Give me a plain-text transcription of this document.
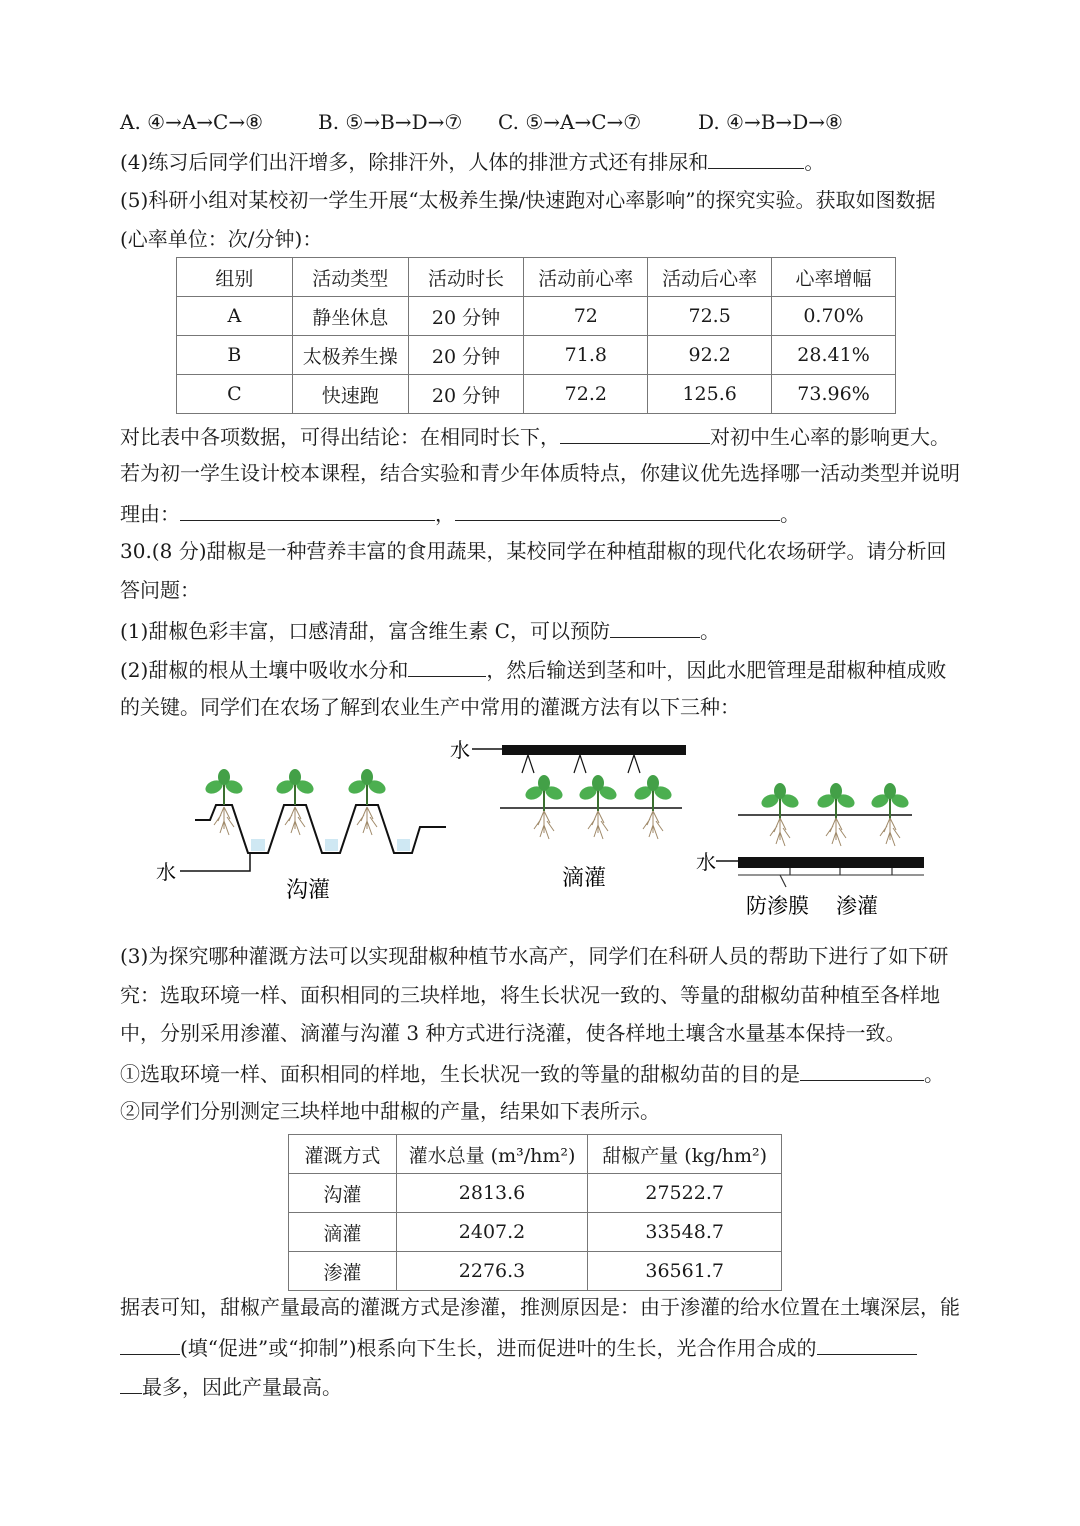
A. ④→A→C→⑧	B. ⑤→B→D→⑦ C. ⑤→A→C→⑦	D. ④→B→D→⑧
(4)练习后同学们出汗增多，除排汗外，人体的排泄方式还有排尿和	。
(5)科研小组对某校初一学生开展“太极养生操/快速跑对心率影响”的探究实验。获取如图数据
(心率单位：次/分钟)：
组别	活动类型	活动时长	活动前心率	活动后心率	心率增幅
A	静坐休息	20 分钟	72	72.5	0.70%
B	太极养生操	20 分钟	71.8	92.2	28.41%
C	快速跑	20 分钟	72.2	125.6	73.96%
对比表中各项数据，可得出结论：在相同时长下，	对初中生心率的影响更大。
若为初一学生设计校本课程，结合实验和青少年体质特点，你建议优先选择哪一活动类型并说明
理由：	，	。
30.(8 分)甜椒是一种营养丰富的食用蔬果，某校同学在种植甜椒的现代化农场研学。请分析回
答问题：
(1)甜椒色彩丰富，口感清甜，富含维生素 C，可以预防	。
(2)甜椒的根从土壤中吸收水分和	，然后输送到茎和叶，因此水肥管理是甜椒种植成败
的关键。同学们在农场了解到农业生产中常用的灌溉方法有以下三种：
水
沟灌
水
滴灌
水
防渗膜 渗灌
(3)为探究哪种灌溉方法可以实现甜椒种植节水高产，同学们在科研人员的帮助下进行了如下研
究：选取环境一样、面积相同的三块样地，将生长状况一致的、等量的甜椒幼苗种植至各样地
中，分别采用渗灌、滴灌与沟灌 3 种方式进行浇灌，使各样地土壤含水量基本保持一致。
①选取环境一样、面积相同的样地，生长状况一致的等量的甜椒幼苗的目的是	。
②同学们分别测定三块样地中甜椒的产量，结果如下表所示。
灌溉方式	灌水总量 (m³/hm²)	甜椒产量 (kg/hm²)
沟灌	2813.6	27522.7
滴灌	2407.2	33548.7
渗灌	2276.3	36561.7
据表可知，甜椒产量最高的灌溉方式是渗灌，推测原因是：由于渗灌的给水位置在土壤深层，能
(填“促进”或“抑制”)根系向下生长，进而促进叶的生长，光合作用合成的
最多，因此产量最高。
